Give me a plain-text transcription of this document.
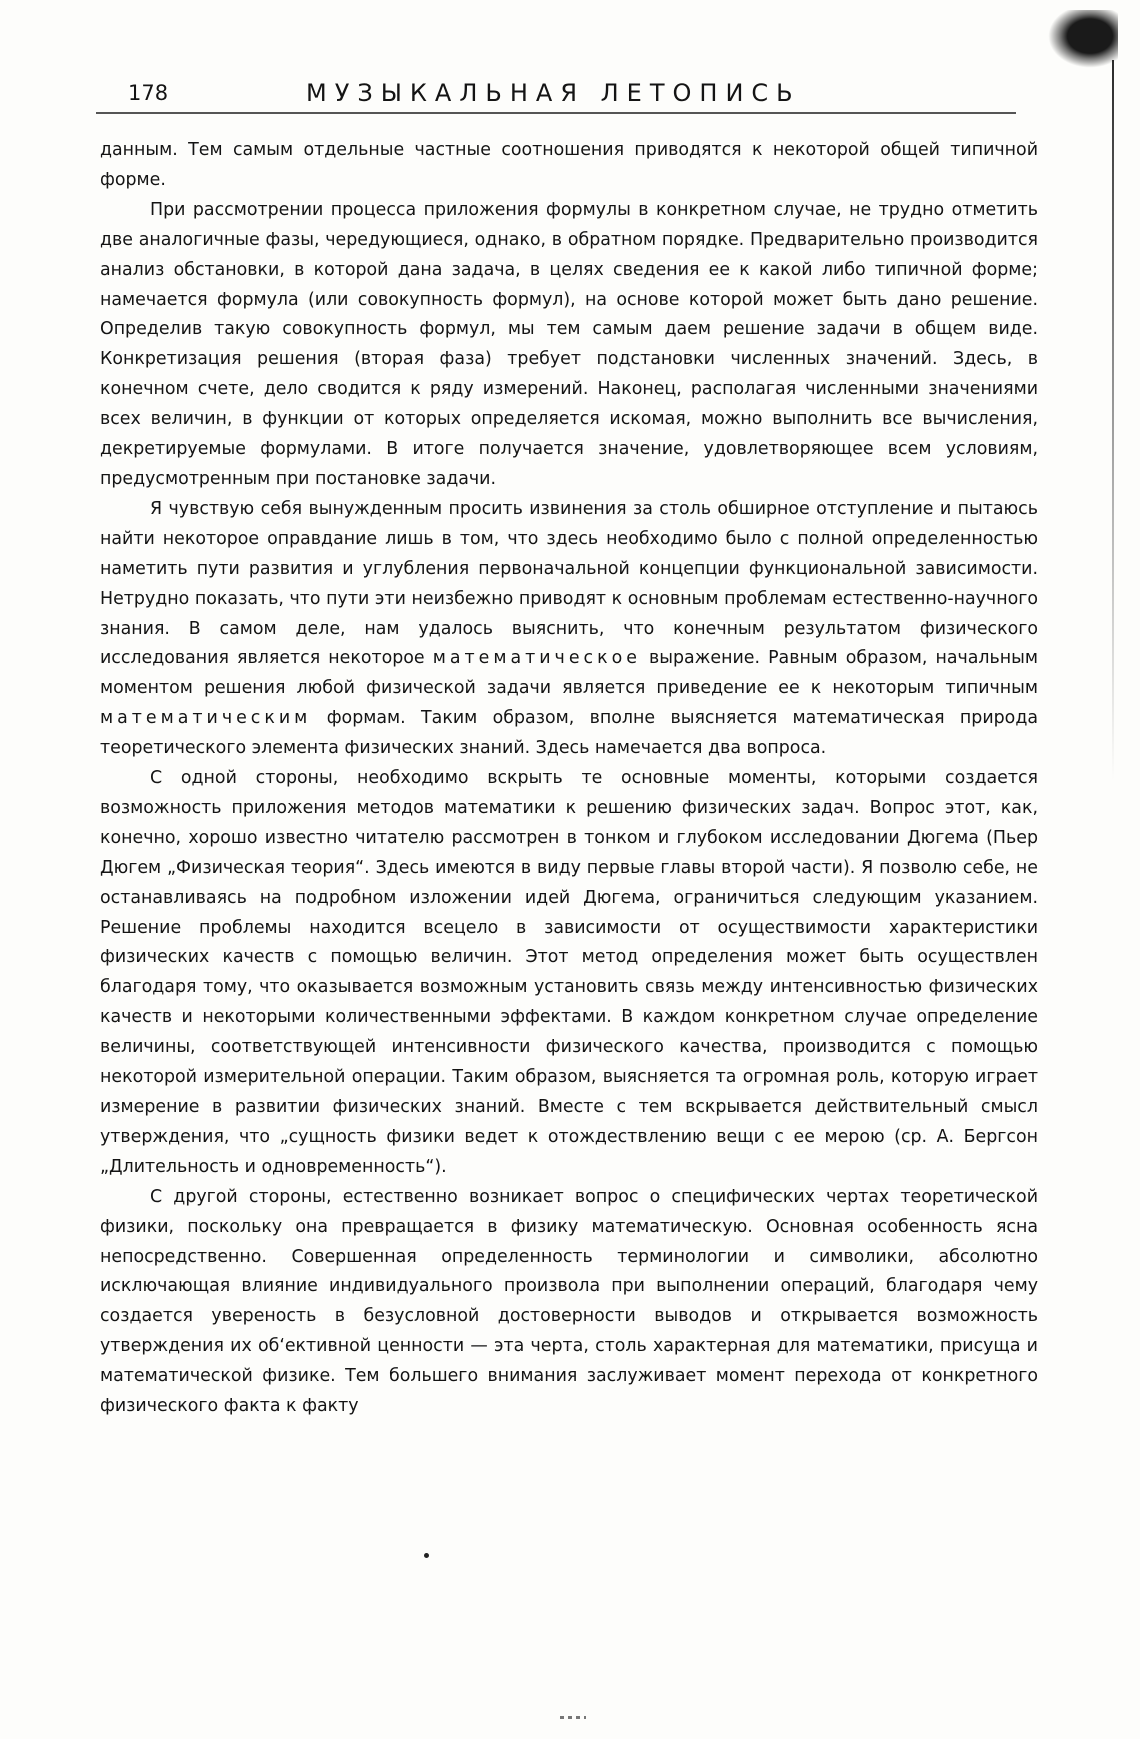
178	МУЗЫКАЛЬНАЯ ЛЕТОПИСЬ

данным. Тем самым отдельные частные соотношения приводятся к некоторой общей типичной форме.

При рассмотрении процесса приложения формулы в конкретном случае, не трудно отметить две аналогичные фазы, чередующиеся, однако, в обратном порядке. Предварительно производится анализ обстановки, в которой дана задача, в целях сведения ее к какой либо типичной форме; намечается формула (или совокупность формул), на основе которой может быть дано решение. Определив такую совокупность формул, мы тем самым даем решение задачи в общем виде. Конкретизация решения (вторая фаза) требует подстановки численных значений. Здесь, в конечном счете, дело сводится к ряду измерений. Наконец, располагая численными значениями всех величин, в функции от которых определяется искомая, можно выполнить все вычисления, декретируемые формулами. В итоге получается значение, удовлетворяющее всем условиям, предусмотренным при постановке задачи.

Я чувствую себя вынужденным просить извинения за столь обширное отступление и пытаюсь найти некоторое оправдание лишь в том, что здесь необходимо было с полной определенностью наметить пути развития и углубления первоначальной концепции функциональной зависимости. Нетрудно показать, что пути эти неизбежно приводят к основным проблемам естественно-научного знания. В самом деле, нам удалось выяснить, что конечным результатом физического исследования является некоторое математическое выражение. Равным образом, начальным моментом решения любой физической задачи является приведение ее к некоторым типичным математическим формам. Таким образом, вполне выясняется математическая природа теоретического элемента физических знаний. Здесь намечается два вопроса.

С одной стороны, необходимо вскрыть те основные моменты, которыми создается возможность приложения методов математики к решению физических задач. Вопрос этот, как, конечно, хорошо известно читателю рассмотрен в тонком и глубоком исследовании Дюгема (Пьер Дюгем „Физическая теория“. Здесь имеются в виду первые главы второй части). Я позволю себе, не останавливаясь на подробном изложении идей Дюгема, ограничиться следующим указанием. Решение проблемы находится всецело в зависимости от осуществимости характеристики физических качеств с помощью величин. Этот метод определения может быть осуществлен благодаря тому, что оказывается возможным установить связь между интенсивностью физических качеств и некоторыми количественными эффектами. В каждом конкретном случае определение величины, соответствующей интенсивности физического качества, производится с помощью некоторой измерительной операции. Таким образом, выясняется та огромная роль, которую играет измерение в развитии физических знаний. Вместе с тем вскрывается действительный смысл утверждения, что „сущность физики ведет к отождествлению вещи с ее мерою (ср. А. Бергсон „Длительность и одновременность“).

С другой стороны, естественно возникает вопрос о специфических чертах теоретической физики, поскольку она превращается в физику математическую. Основная особенность ясна непосредственно. Совершенная определенность терминологии и символики, абсолютно исключающая влияние индивидуального произвола при выполнении операций, благодаря чему создается увереность в безусловной достоверности выводов и открывается возможность утверждения их об‘ективной ценности — эта черта, столь характерная для математики, присуща и математической физике. Тем большего внимания заслуживает момент перехода от конкретного физического факта к факту
